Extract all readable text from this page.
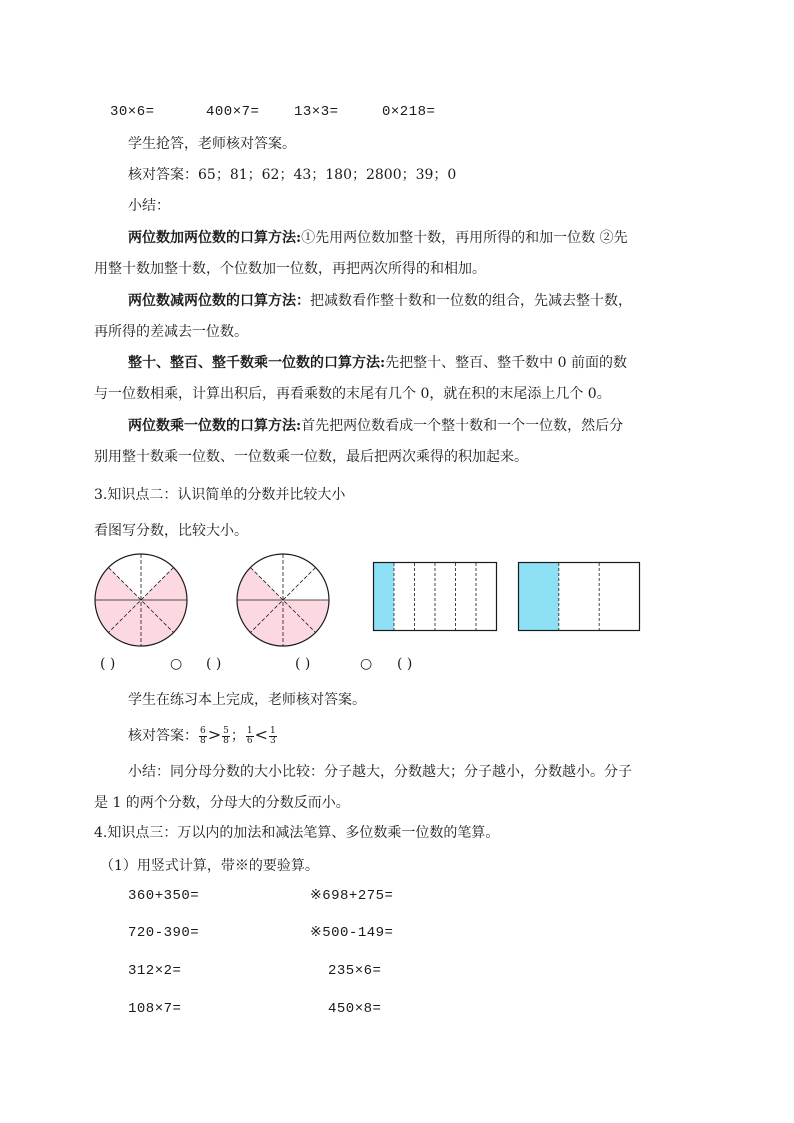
30×6=	400×7=	13×3=	0×218=
学生抢答，老师核对答案。
核对答案：65；81；62；43；180；2800；39；0
小结：
两位数加两位数的口算方法:①先用两位数加整十数，再用所得的和加一位数 ②先
用整十数加整十数，个位数加一位数，再把两次所得的和相加。
两位数减两位数的口算方法：把减数看作整十数和一位数的组合，先减去整十数，
再所得的差减去一位数。
整十、整百、整千数乘一位数的口算方法:先把整十、整百、整千数中 0 前面的数
与一位数相乘，计算出积后，再看乘数的末尾有几个 0，就在积的末尾添上几个 0。
两位数乘一位数的口算方法:首先把两位数看成一个整十数和一个一位数，然后分
别用整十数乘一位数、一位数乘一位数，最后把两次乘得的积加起来。
3.知识点二：认识简单的分数并比较大小
看图写分数，比较大小。
( )	○ ( )	( )	○ ( )
学生在练习本上完成，老师核对答案。
核对答案： $\frac{6}{8} > \frac{5}{8}$ ； $\frac{1}{6} < \frac{1}{3}$
小结：同分母分数的大小比较：分子越大，分数越大；分子越小，分数越小。分子
是 1 的两个分数，分母大的分数反而小。
4.知识点三：万以内的加法和减法笔算、多位数乘一位数的笔算。
（1）用竖式计算，带※的要验算。
360+350=	※698+275=
720-390=	※500-149=
312×2=	235×6=
108×7=	450×8=
